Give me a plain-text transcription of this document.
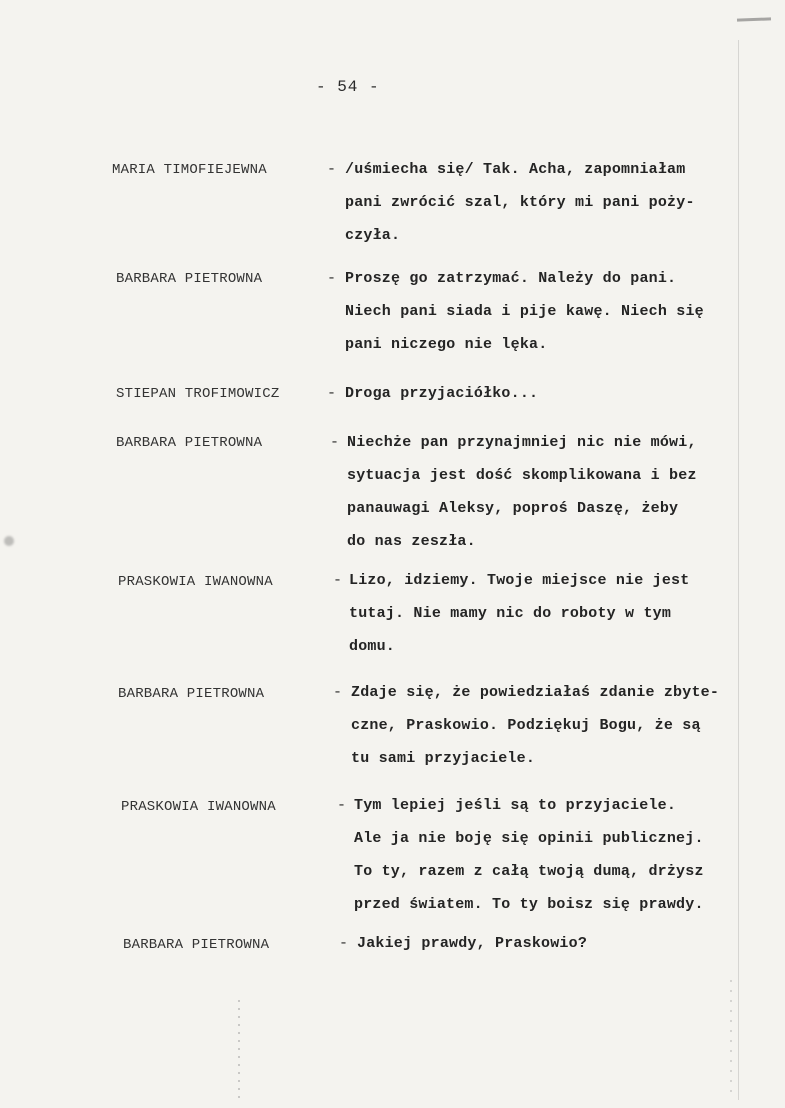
- 54 -
MARIA TIMOFIEJEWNA	- /uśmiecha się/ Tak. Acha, zapomniałam
pani zwrócić szal, który mi pani poży-
czyła.
BARBARA PIETROWNA	- Proszę go zatrzymać. Należy do pani.
Niech pani siada i pije kawę. Niech się
pani niczego nie lęka.
STIEPAN TROFIMOWICZ	- Droga przyjaciółko...
BARBARA PIETROWNA	- Niechże pan przynajmniej nic nie mówi,
sytuacja jest dość skomplikowana i bez
panauwagi Aleksy, poproś Daszę, żeby
do nas zeszła.
PRASKOWIA IWANOWNA	- Lizo, idziemy. Twoje miejsce nie jest
tutaj. Nie mamy nic do roboty w tym
domu.
BARBARA PIETROWNA	- Zdaje się, że powiedziałaś zdanie zbyte-
czne, Praskowio. Podziękuj Bogu, że są
tu sami przyjaciele.
PRASKOWIA IWANOWNA	- Tym lepiej jeśli są to przyjaciele.
Ale ja nie boję się opinii publicznej.
To ty, razem z całą twoją dumą, drżysz
przed światem. To ty boisz się prawdy.
BARBARA PIETROWNA	- Jakiej prawdy, Praskowio?
